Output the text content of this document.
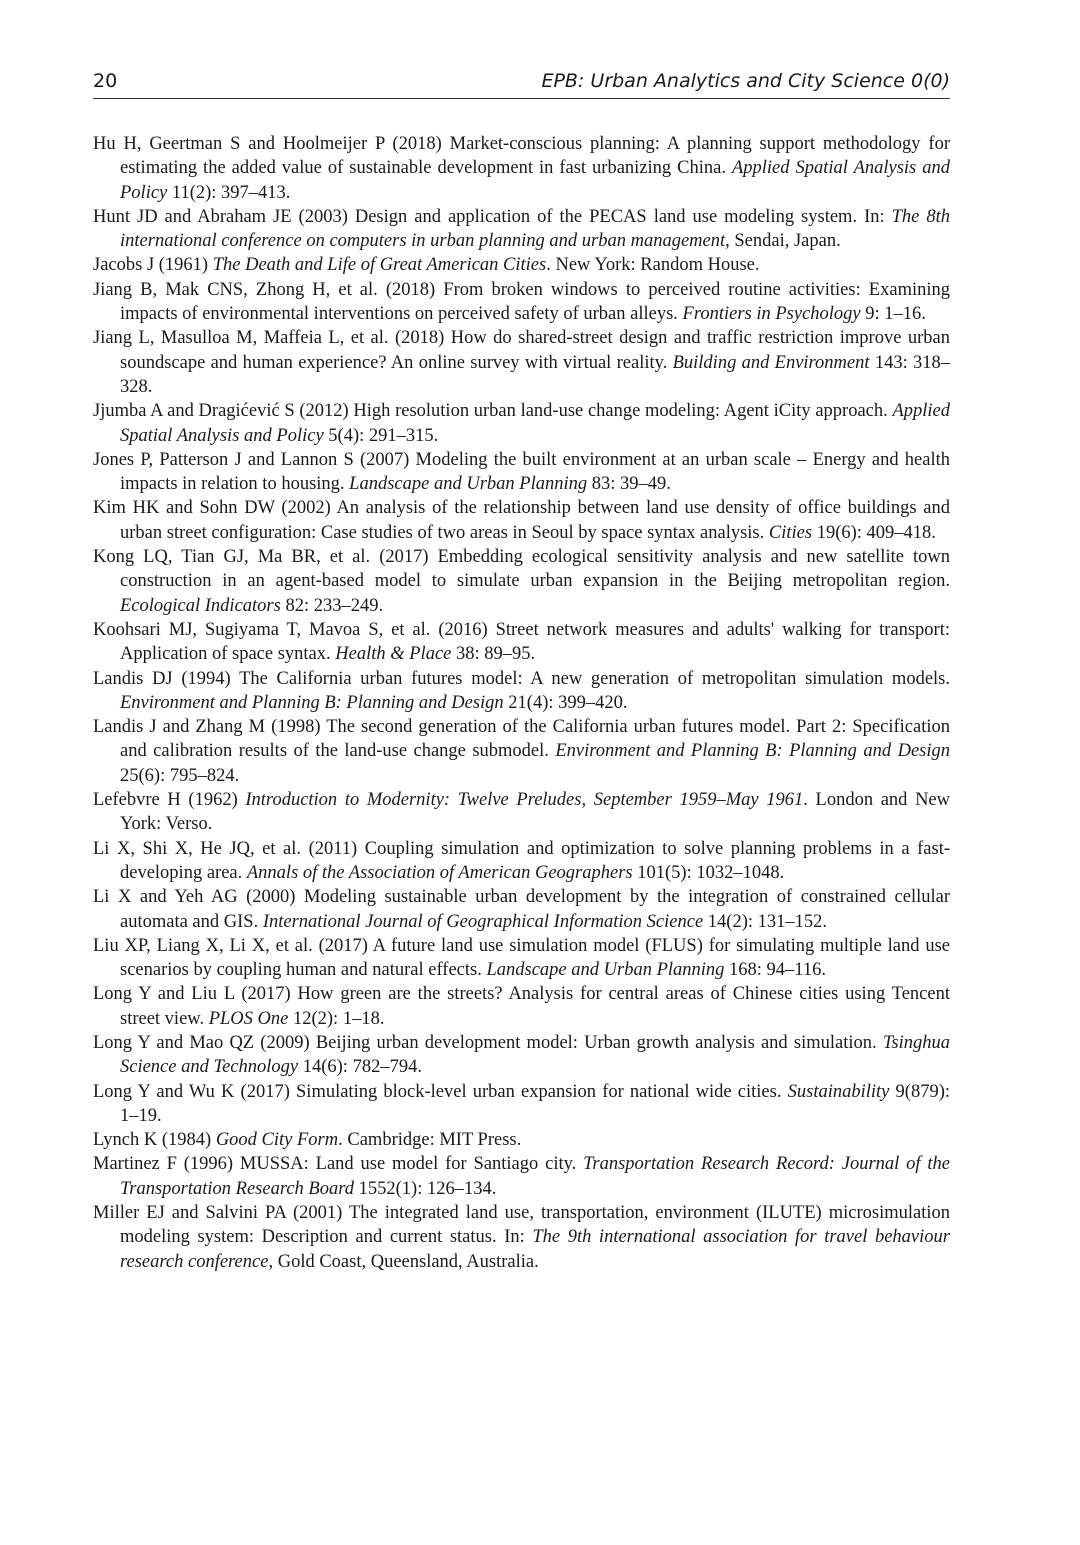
20	EPB: Urban Analytics and City Science 0(0)

Hu H, Geertman S and Hoolmeijer P (2018) Market-conscious planning: A planning support methodology for estimating the added value of sustainable development in fast urbanizing China. Applied Spatial Analysis and Policy 11(2): 397–413.

Hunt JD and Abraham JE (2003) Design and application of the PECAS land use modeling system. In: The 8th international conference on computers in urban planning and urban management, Sendai, Japan.

Jacobs J (1961) The Death and Life of Great American Cities. New York: Random House.

Jiang B, Mak CNS, Zhong H, et al. (2018) From broken windows to perceived routine activities: Examining impacts of environmental interventions on perceived safety of urban alleys. Frontiers in Psychology 9: 1–16.

Jiang L, Masulloa M, Maffeia L, et al. (2018) How do shared-street design and traffic restriction improve urban soundscape and human experience? An online survey with virtual reality. Building and Environment 143: 318–328.

Jjumba A and Dragićević S (2012) High resolution urban land-use change modeling: Agent iCity approach. Applied Spatial Analysis and Policy 5(4): 291–315.

Jones P, Patterson J and Lannon S (2007) Modeling the built environment at an urban scale – Energy and health impacts in relation to housing. Landscape and Urban Planning 83: 39–49.

Kim HK and Sohn DW (2002) An analysis of the relationship between land use density of office buildings and urban street configuration: Case studies of two areas in Seoul by space syntax analysis. Cities 19(6): 409–418.

Kong LQ, Tian GJ, Ma BR, et al. (2017) Embedding ecological sensitivity analysis and new satellite town construction in an agent-based model to simulate urban expansion in the Beijing metropolitan region. Ecological Indicators 82: 233–249.

Koohsari MJ, Sugiyama T, Mavoa S, et al. (2016) Street network measures and adults' walking for transport: Application of space syntax. Health & Place 38: 89–95.

Landis DJ (1994) The California urban futures model: A new generation of metropolitan simulation models. Environment and Planning B: Planning and Design 21(4): 399–420.

Landis J and Zhang M (1998) The second generation of the California urban futures model. Part 2: Specification and calibration results of the land-use change submodel. Environment and Planning B: Planning and Design 25(6): 795–824.

Lefebvre H (1962) Introduction to Modernity: Twelve Preludes, September 1959–May 1961. London and New York: Verso.

Li X, Shi X, He JQ, et al. (2011) Coupling simulation and optimization to solve planning problems in a fast-developing area. Annals of the Association of American Geographers 101(5): 1032–1048.

Li X and Yeh AG (2000) Modeling sustainable urban development by the integration of constrained cellular automata and GIS. International Journal of Geographical Information Science 14(2): 131–152.

Liu XP, Liang X, Li X, et al. (2017) A future land use simulation model (FLUS) for simulating multiple land use scenarios by coupling human and natural effects. Landscape and Urban Planning 168: 94–116.

Long Y and Liu L (2017) How green are the streets? Analysis for central areas of Chinese cities using Tencent street view. PLOS One 12(2): 1–18.

Long Y and Mao QZ (2009) Beijing urban development model: Urban growth analysis and simulation. Tsinghua Science and Technology 14(6): 782–794.

Long Y and Wu K (2017) Simulating block-level urban expansion for national wide cities. Sustainability 9(879): 1–19.

Lynch K (1984) Good City Form. Cambridge: MIT Press.

Martinez F (1996) MUSSA: Land use model for Santiago city. Transportation Research Record: Journal of the Transportation Research Board 1552(1): 126–134.

Miller EJ and Salvini PA (2001) The integrated land use, transportation, environment (ILUTE) microsimulation modeling system: Description and current status. In: The 9th international association for travel behaviour research conference, Gold Coast, Queensland, Australia.
